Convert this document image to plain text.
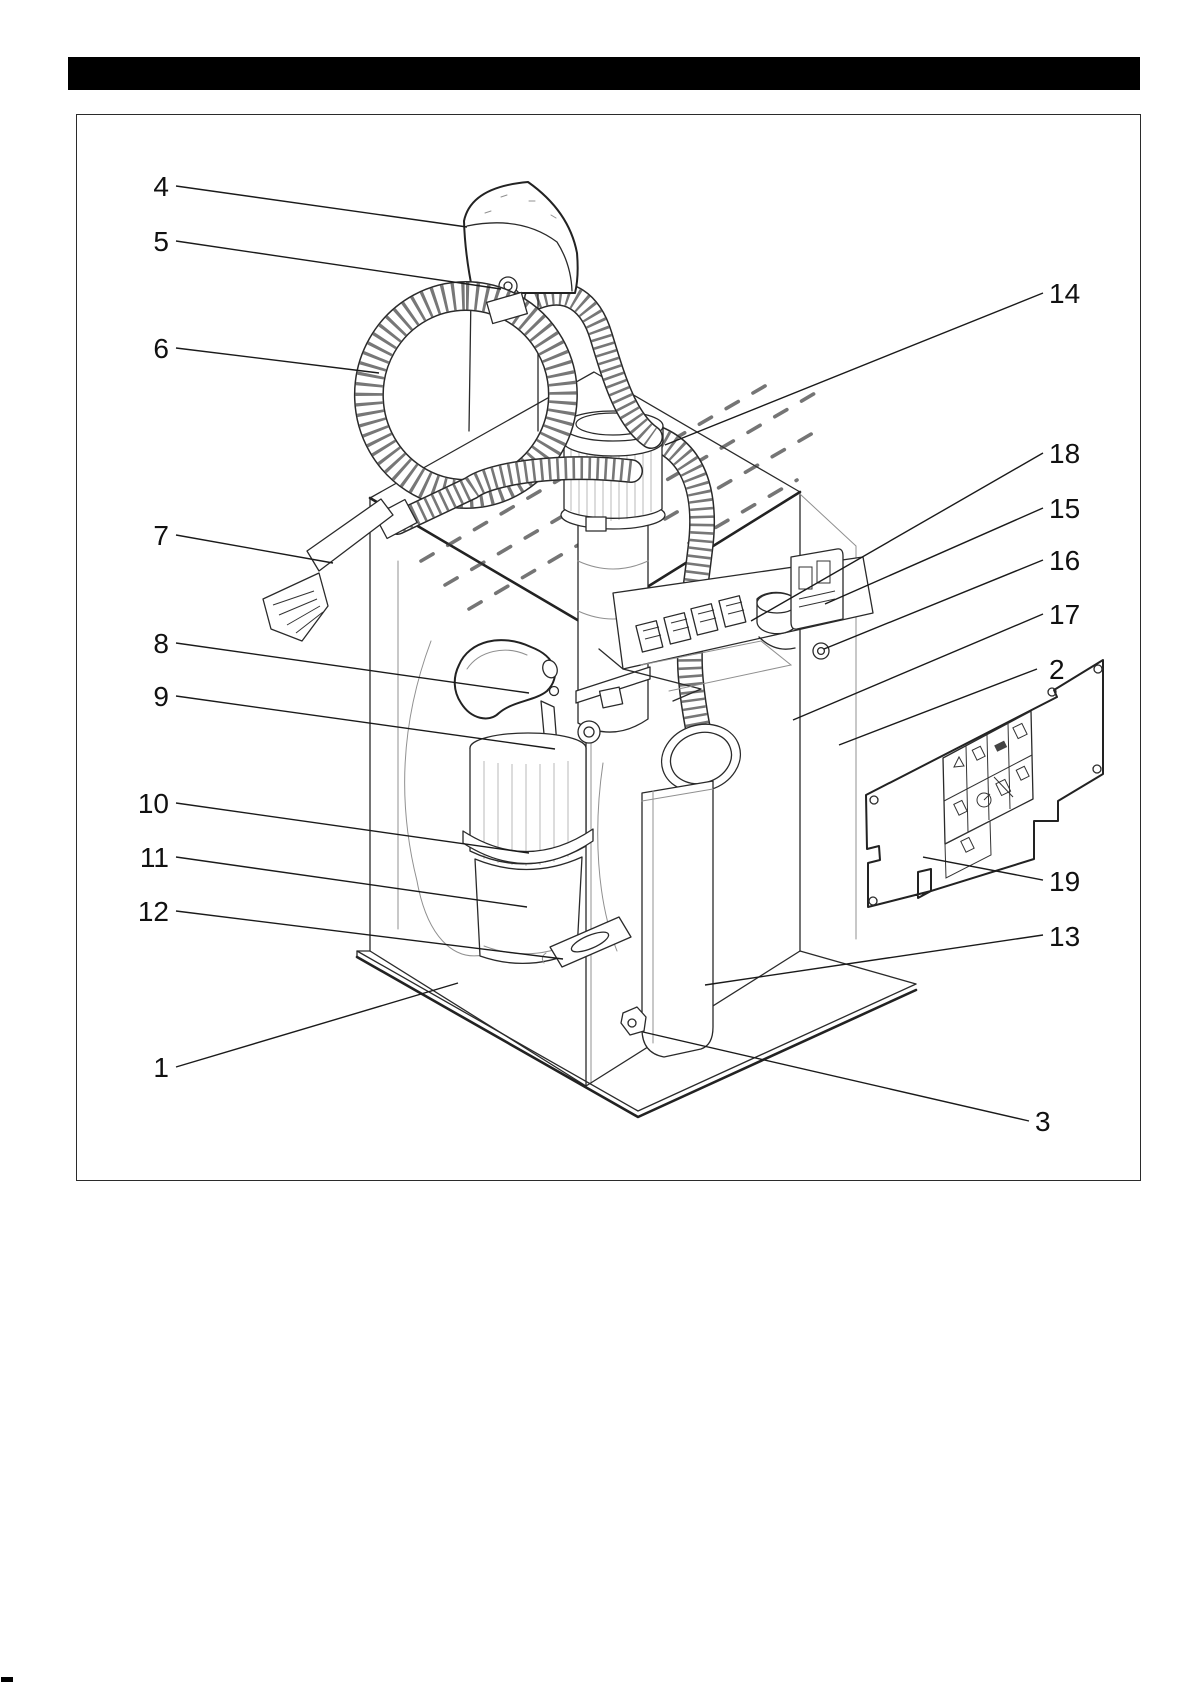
4
5
6
7
8
9
10
11
12
1
14
18
15
16
17
2
19
13
3
